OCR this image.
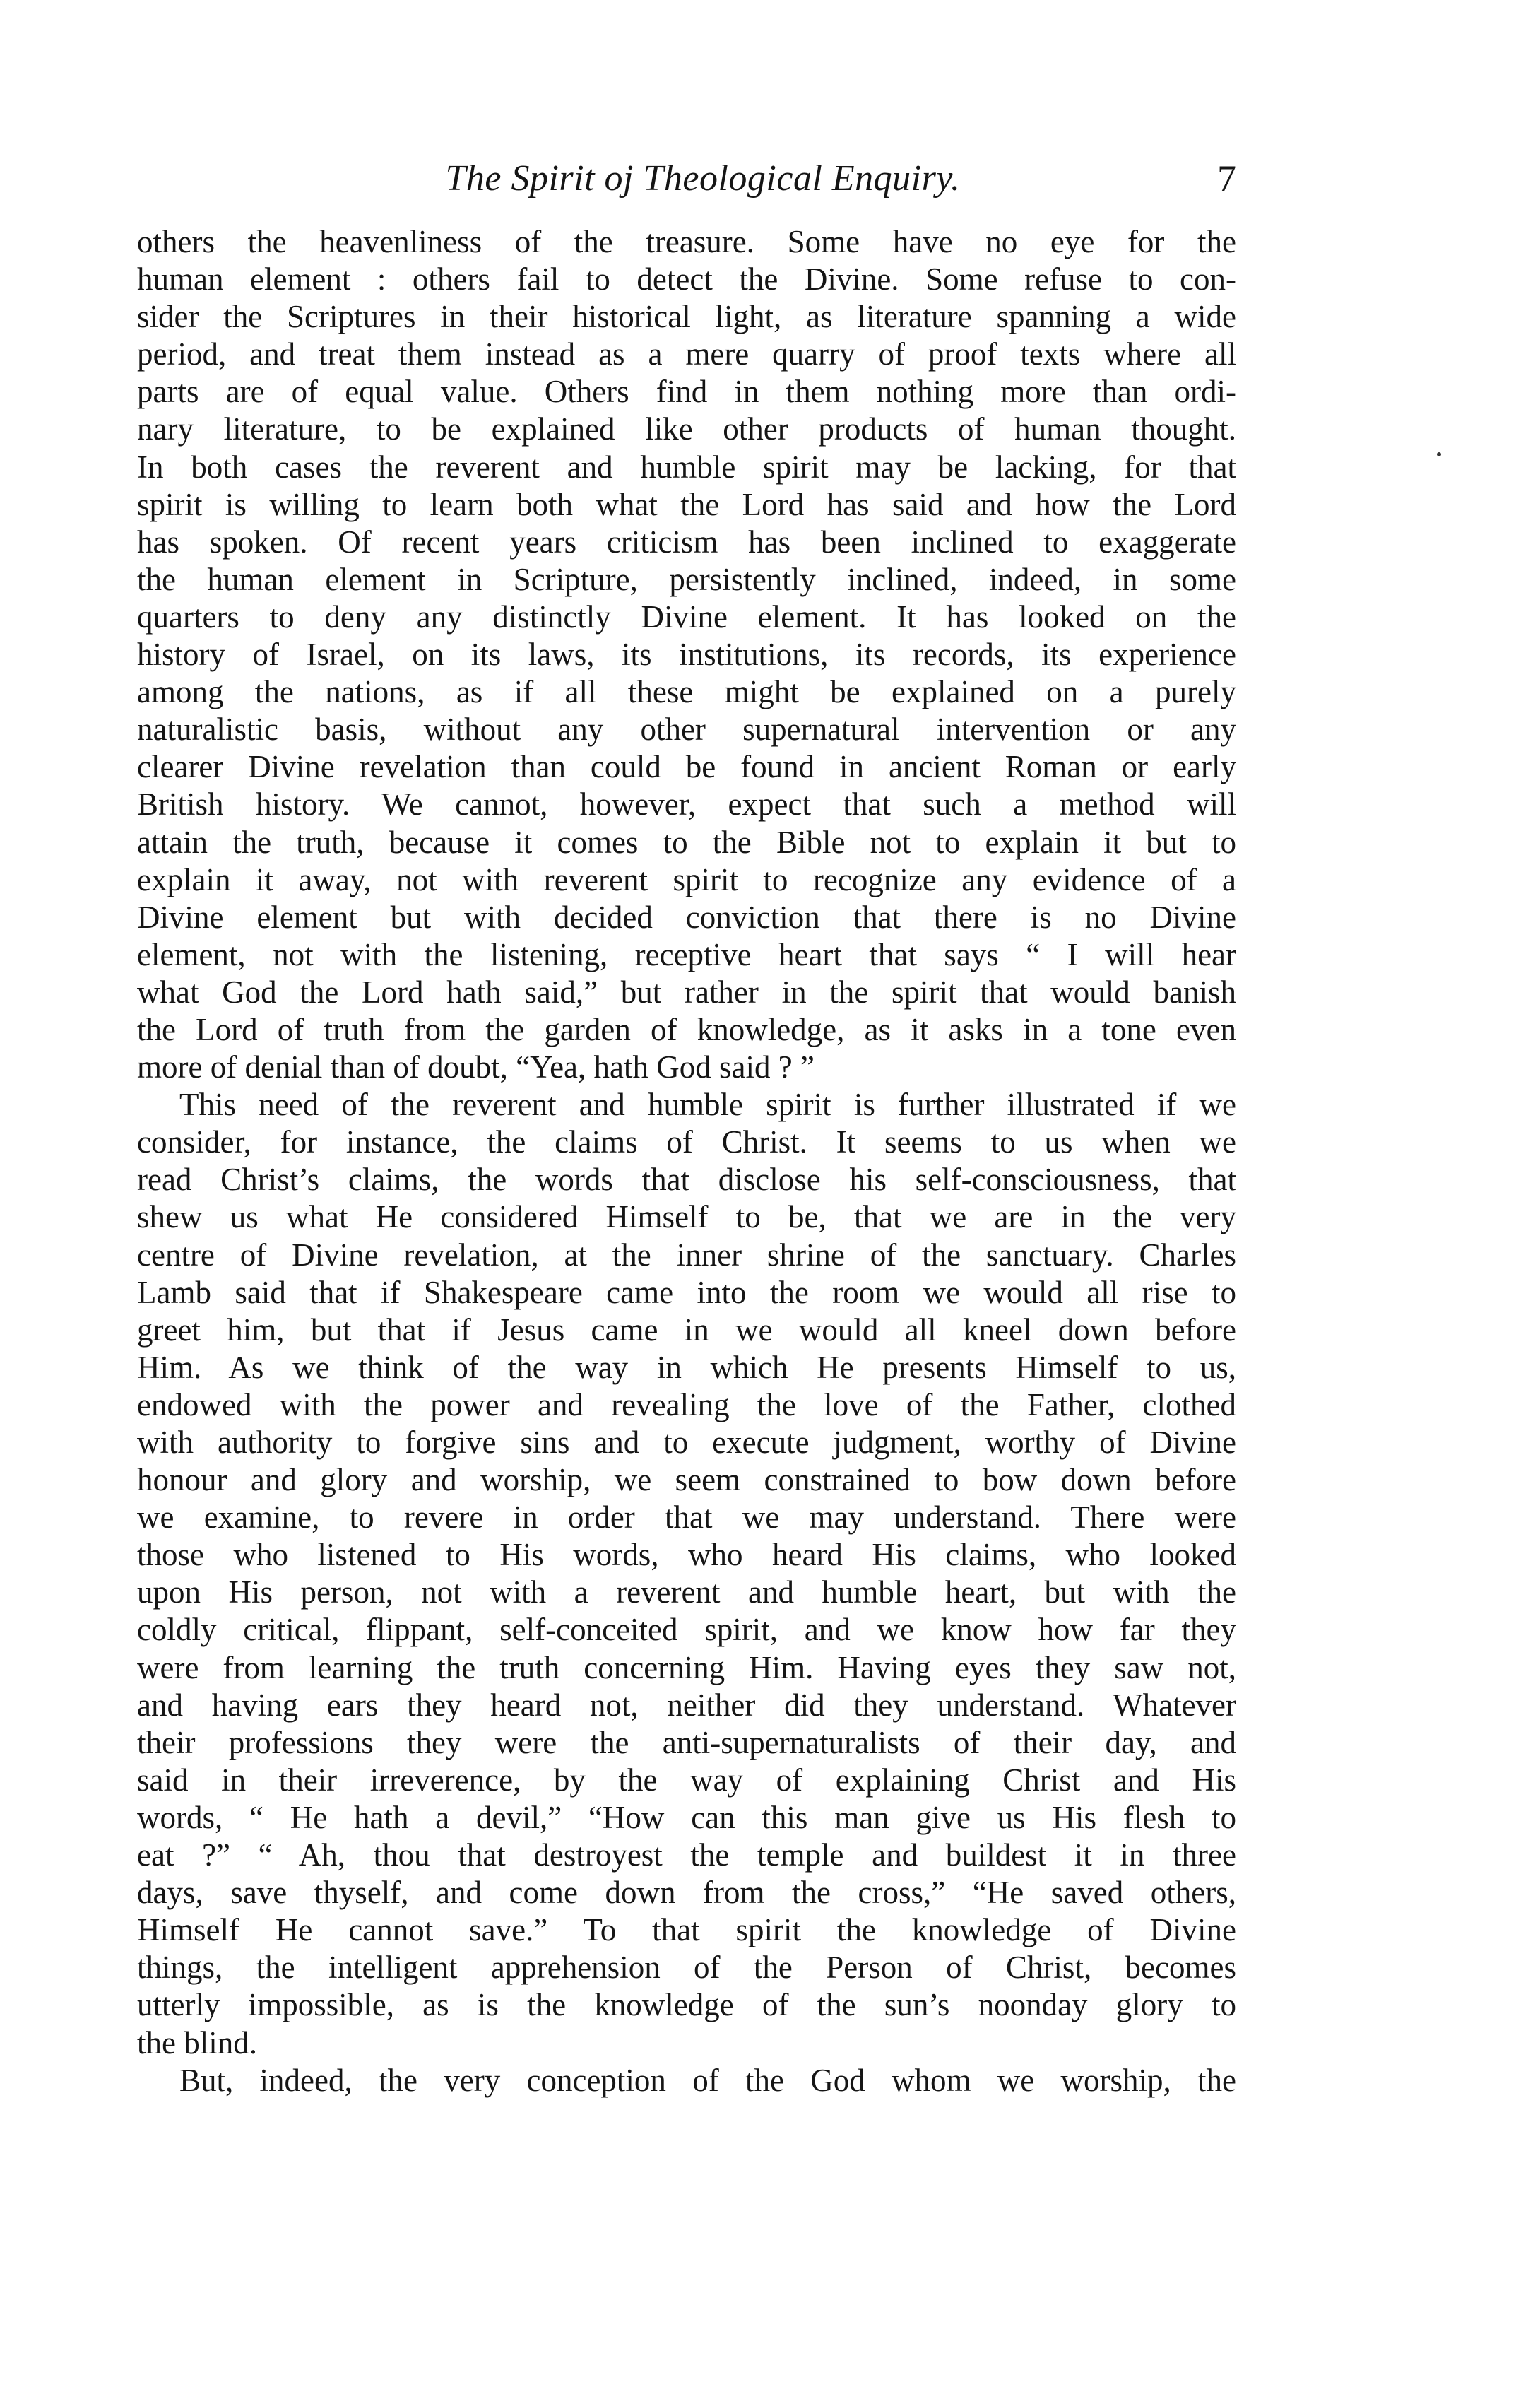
The Spirit oj Theological Enquiry.	7
others the heavenliness of the treasure. Some have no eye for the
human element : others fail to detect the Divine. Some refuse to con-
sider the Scriptures in their historical light, as literature spanning a wide
period, and treat them instead as a mere quarry of proof texts where all
parts are of equal value. Others find in them nothing more than ordi-
nary literature, to be explained like other products of human thought.
In both cases the reverent and humble spirit may be lacking, for that
spirit is willing to learn both what the Lord has said and how the Lord
has spoken. Of recent years criticism has been inclined to exaggerate
the human element in Scripture, persistently inclined, indeed, in some
quarters to deny any distinctly Divine element. It has looked on the
history of Israel, on its laws, its institutions, its records, its experience
among the nations, as if all these might be explained on a purely
naturalistic basis, without any other supernatural intervention or any
clearer Divine revelation than could be found in ancient Roman or early
British history. We cannot, however, expect that such a method will
attain the truth, because it comes to the Bible not to explain it but to
explain it away, not with reverent spirit to recognize any evidence of a
Divine element but with decided conviction that there is no Divine
element, not with the listening, receptive heart that says “ I will hear
what God the Lord hath said,” but rather in the spirit that would banish
the Lord of truth from the garden of knowledge, as it asks in a tone even
more of denial than of doubt, “Yea, hath God said ? ”
This need of the reverent and humble spirit is further illustrated if we
consider, for instance, the claims of Christ. It seems to us when we
read Christ’s claims, the words that disclose his self-consciousness, that
shew us what He considered Himself to be, that we are in the very
centre of Divine revelation, at the inner shrine of the sanctuary. Charles
Lamb said that if Shakespeare came into the room we would all rise to
greet him, but that if Jesus came in we would all kneel down before
Him. As we think of the way in which He presents Himself to us,
endowed with the power and revealing the love of the Father, clothed
with authority to forgive sins and to execute judgment, worthy of Divine
honour and glory and worship, we seem constrained to bow down before
we examine, to revere in order that we may understand. There were
those who listened to His words, who heard His claims, who looked
upon His person, not with a reverent and humble heart, but with the
coldly critical, flippant, self-conceited spirit, and we know how far they
were from learning the truth concerning Him. Having eyes they saw not,
and having ears they heard not, neither did they understand. Whatever
their professions they were the anti-supernaturalists of their day, and
said in their irreverence, by the way of explaining Christ and His
words, “ He hath a devil,” “How can this man give us His flesh to
eat ?” “ Ah, thou that destroyest the temple and buildest it in three
days, save thyself, and come down from the cross,” “He saved others,
Himself He cannot save.” To that spirit the knowledge of Divine
things, the intelligent apprehension of the Person of Christ, becomes
utterly impossible, as is the knowledge of the sun’s noonday glory to
the blind.
But, indeed, the very conception of the God whom we worship, the
